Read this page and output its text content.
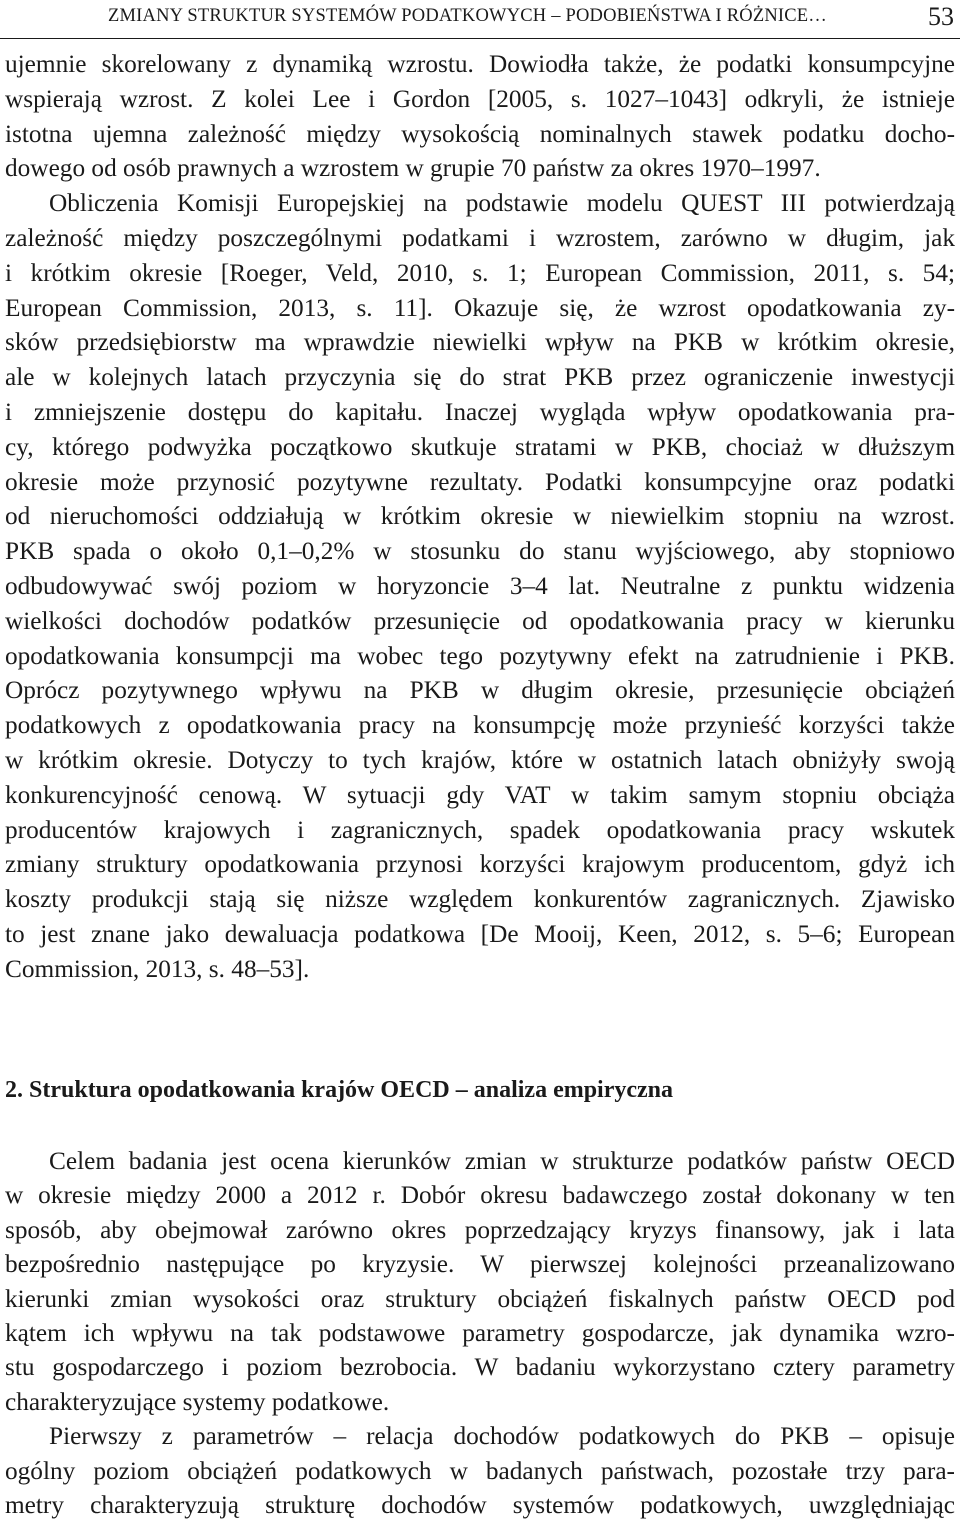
ZMIANY STRUKTUR SYSTEMÓW PODATKOWYCH – PODOBIEŃSTWA I RÓŻNICE…	53
ujemnie skorelowany z dynamiką wzrostu. Dowiodła także, że podatki konsumpcyjne
wspierają wzrost. Z kolei Lee i Gordon [2005, s. 1027–1043] odkryli, że istnieje
istotna ujemna zależność między wysokością nominalnych stawek podatku docho-
dowego od osób prawnych a wzrostem w grupie 70 państw za okres 1970–1997.
Obliczenia Komisji Europejskiej na podstawie modelu QUEST III potwierdzają
zależność między poszczególnymi podatkami i wzrostem, zarówno w długim, jak
i krótkim okresie [Roeger, Veld, 2010, s. 1; European Commission, 2011, s. 54;
European Commission, 2013, s. 11]. Okazuje się, że wzrost opodatkowania zy-
sków przedsiębiorstw ma wprawdzie niewielki wpływ na PKB w krótkim okresie,
ale w kolejnych latach przyczynia się do strat PKB przez ograniczenie inwestycji
i zmniejszenie dostępu do kapitału. Inaczej wygląda wpływ opodatkowania pra-
cy, którego podwyżka początkowo skutkuje stratami w PKB, chociaż w dłuższym
okresie może przynosić pozytywne rezultaty. Podatki konsumpcyjne oraz podatki
od nieruchomości oddziałują w krótkim okresie w niewielkim stopniu na wzrost.
PKB spada o około 0,1–0,2% w stosunku do stanu wyjściowego, aby stopniowo
odbudowywać swój poziom w horyzoncie 3–4 lat. Neutralne z punktu widzenia
wielkości dochodów podatków przesunięcie od opodatkowania pracy w kierunku
opodatkowania konsumpcji ma wobec tego pozytywny efekt na zatrudnienie i PKB.
Oprócz pozytywnego wpływu na PKB w długim okresie, przesunięcie obciążeń
podatkowych z opodatkowania pracy na konsumpcję może przynieść korzyści także
w krótkim okresie. Dotyczy to tych krajów, które w ostatnich latach obniżyły swoją
konkurencyjność cenową. W sytuacji gdy VAT w takim samym stopniu obciąża
producentów krajowych i zagranicznych, spadek opodatkowania pracy wskutek
zmiany struktury opodatkowania przynosi korzyści krajowym producentom, gdyż ich
koszty produkcji stają się niższe względem konkurentów zagranicznych. Zjawisko
to jest znane jako dewaluacja podatkowa [De Mooij, Keen, 2012, s. 5–6; European
Commission, 2013, s. 48–53].
2. Struktura opodatkowania krajów OECD – analiza empiryczna
Celem badania jest ocena kierunków zmian w strukturze podatków państw OECD
w okresie między 2000 a 2012 r. Dobór okresu badawczego został dokonany w ten
sposób, aby obejmował zarówno okres poprzedzający kryzys finansowy, jak i lata
bezpośrednio następujące po kryzysie. W pierwszej kolejności przeanalizowano
kierunki zmian wysokości oraz struktury obciążeń fiskalnych państw OECD pod
kątem ich wpływu na tak podstawowe parametry gospodarcze, jak dynamika wzro-
stu gospodarczego i poziom bezrobocia. W badaniu wykorzystano cztery parametry
charakteryzujące systemy podatkowe.
Pierwszy z parametrów – relacja dochodów podatkowych do PKB – opisuje
ogólny poziom obciążeń podatkowych w badanych państwach, pozostałe trzy para-
metry charakteryzują strukturę dochodów systemów podatkowych, uwzględniając
